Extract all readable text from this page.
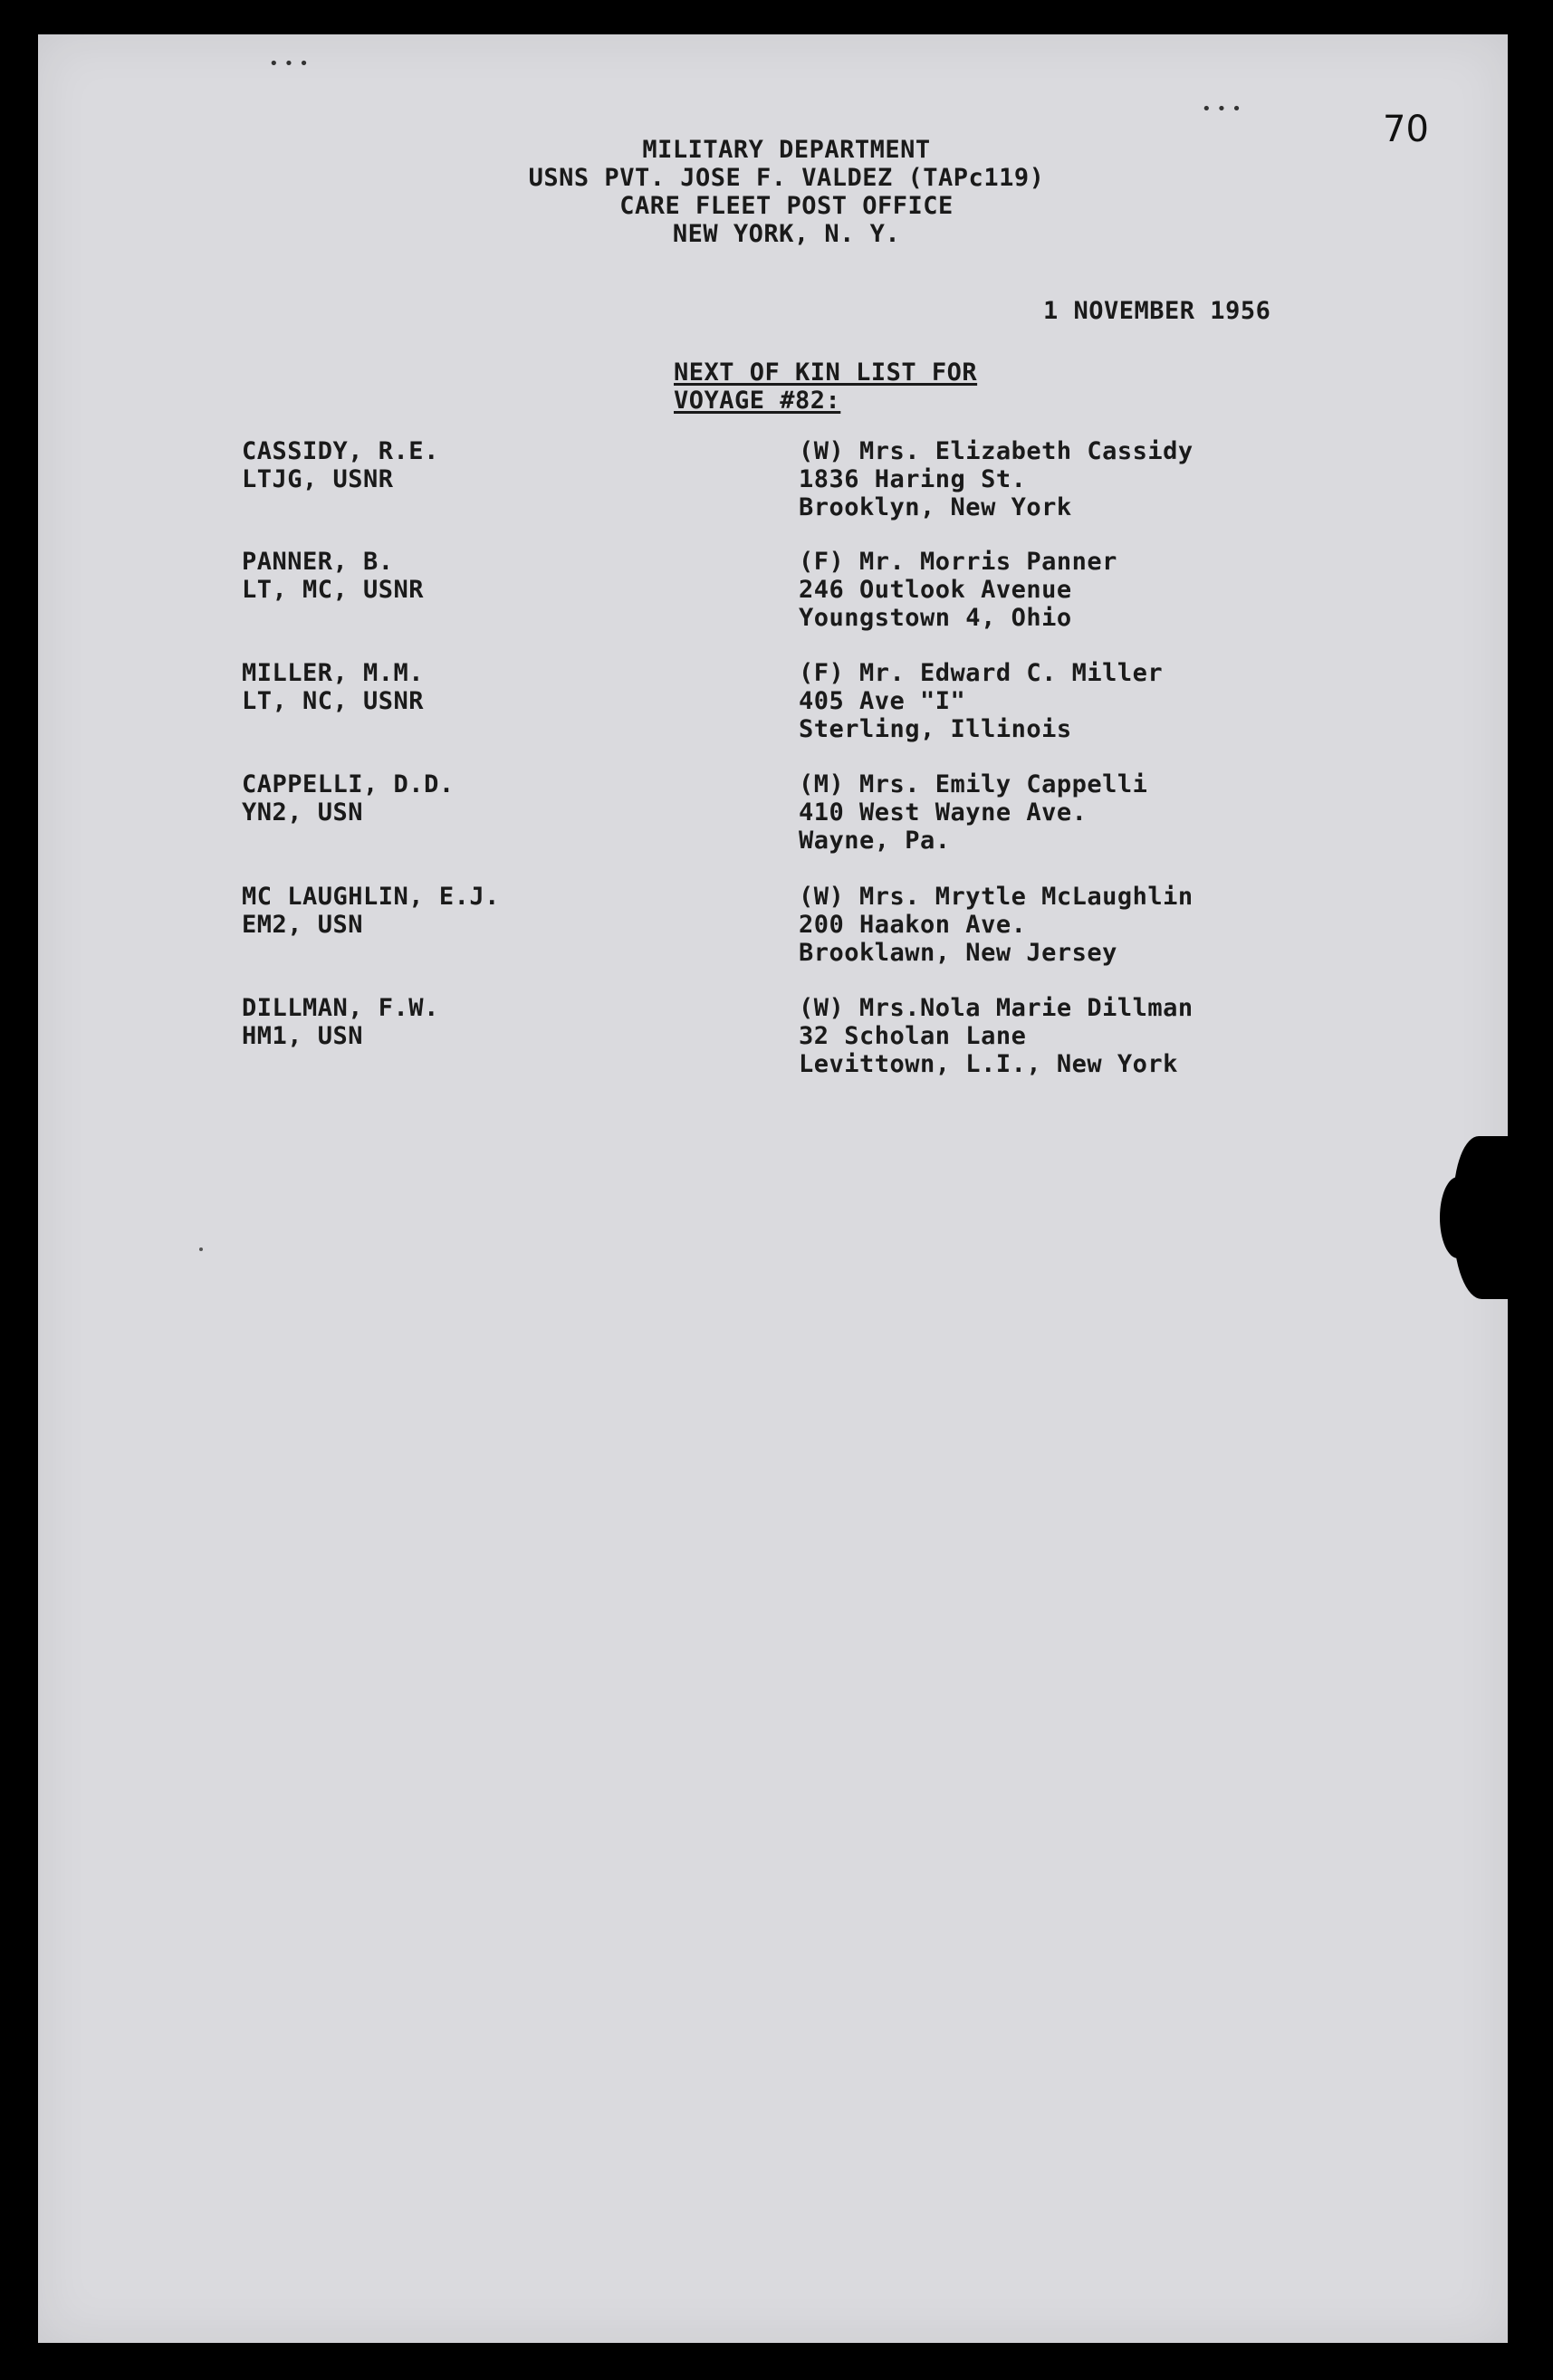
•••
•••	70
MILITARY DEPARTMENT
USNS PVT. JOSE F. VALDEZ (TAPc119)
CARE FLEET POST OFFICE
NEW YORK, N. Y.
1 NOVEMBER 1956
NEXT OF KIN LIST FOR
VOYAGE #82:
CASSIDY, R.E.
LTJG, USNR
(W) Mrs. Elizabeth Cassidy
1836 Haring St.
Brooklyn, New York
PANNER, B.
LT, MC, USNR
(F) Mr. Morris Panner
246 Outlook Avenue
Youngstown 4, Ohio
MILLER, M.M.
LT, NC, USNR
(F) Mr. Edward C. Miller
405 Ave "I"
Sterling, Illinois
CAPPELLI, D.D.
YN2, USN
(M) Mrs. Emily Cappelli
410 West Wayne Ave.
Wayne, Pa.
MC LAUGHLIN, E.J.
EM2, USN
(W) Mrs. Mrytle McLaughlin
200 Haakon Ave.
Brooklawn, New Jersey
DILLMAN, F.W.
HM1, USN
(W) Mrs.Nola Marie Dillman
32 Scholan Lane
Levittown, L.I., New York
